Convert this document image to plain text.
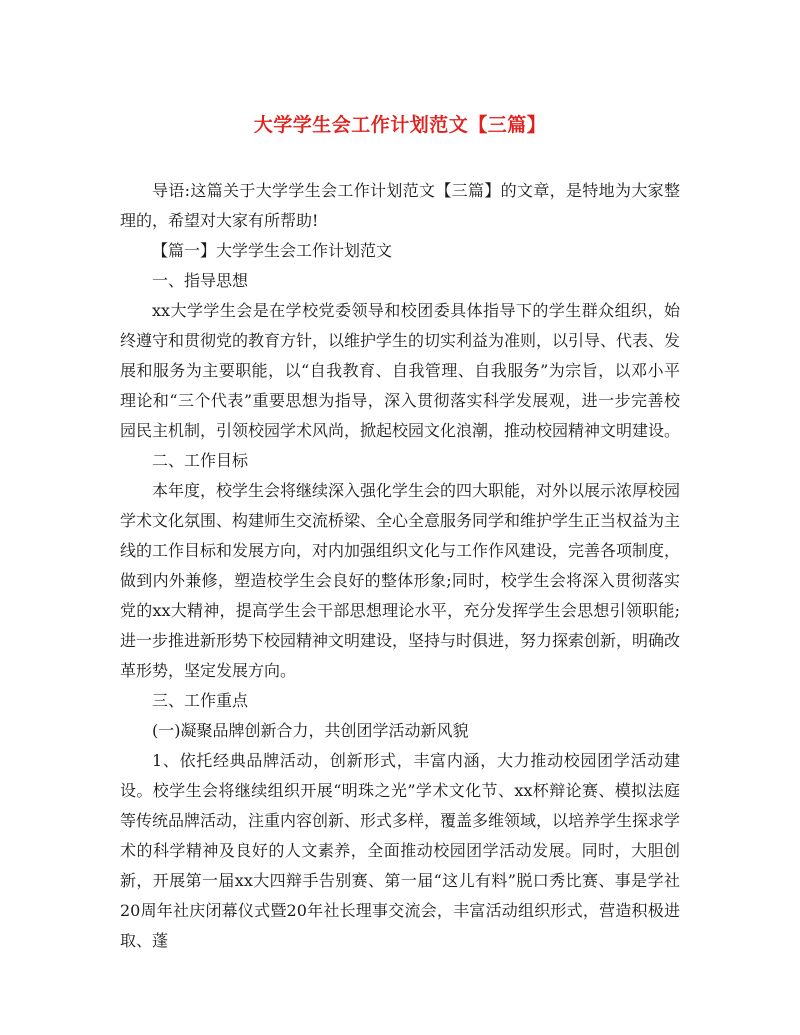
大学学生会工作计划范文【三篇】

导语:这篇关于大学学生会工作计划范文【三篇】的文章，是特地为大家整理的，希望对大家有所帮助!

【篇一】大学学生会工作计划范文

一、指导思想

xx大学学生会是在学校党委领导和校团委具体指导下的学生群众组织，始终遵守和贯彻党的教育方针，以维护学生的切实利益为准则，以引导、代表、发展和服务为主要职能，以“自我教育、自我管理、自我服务”为宗旨，以邓小平理论和“三个代表”重要思想为指导，深入贯彻落实科学发展观，进一步完善校园民主机制，引领校园学术风尚，掀起校园文化浪潮，推动校园精神文明建设。

二、工作目标

本年度，校学生会将继续深入强化学生会的四大职能，对外以展示浓厚校园学术文化氛围、构建师生交流桥梁、全心全意服务同学和维护学生正当权益为主线的工作目标和发展方向，对内加强组织文化与工作作风建设，完善各项制度，做到内外兼修，塑造校学生会良好的整体形象;同时，校学生会将深入贯彻落实党的xx大精神，提高学生会干部思想理论水平，充分发挥学生会思想引领职能;进一步推进新形势下校园精神文明建设，坚持与时俱进，努力探索创新，明确改革形势，坚定发展方向。

三、工作重点

(一)凝聚品牌创新合力，共创团学活动新风貌

1、依托经典品牌活动，创新形式，丰富内涵，大力推动校园团学活动建设。校学生会将继续组织开展“明珠之光”学术文化节、xx杯辩论赛、模拟法庭等传统品牌活动，注重内容创新、形式多样，覆盖多维领域，以培养学生探求学术的科学精神及良好的人文素养，全面推动校园团学活动发展。同时，大胆创新，开展第一届xx大四辩手告别赛、第一届“这儿有料”脱口秀比赛、事是学社20周年社庆闭幕仪式暨20年社长理事交流会，丰富活动组织形式，营造积极进取、蓬
